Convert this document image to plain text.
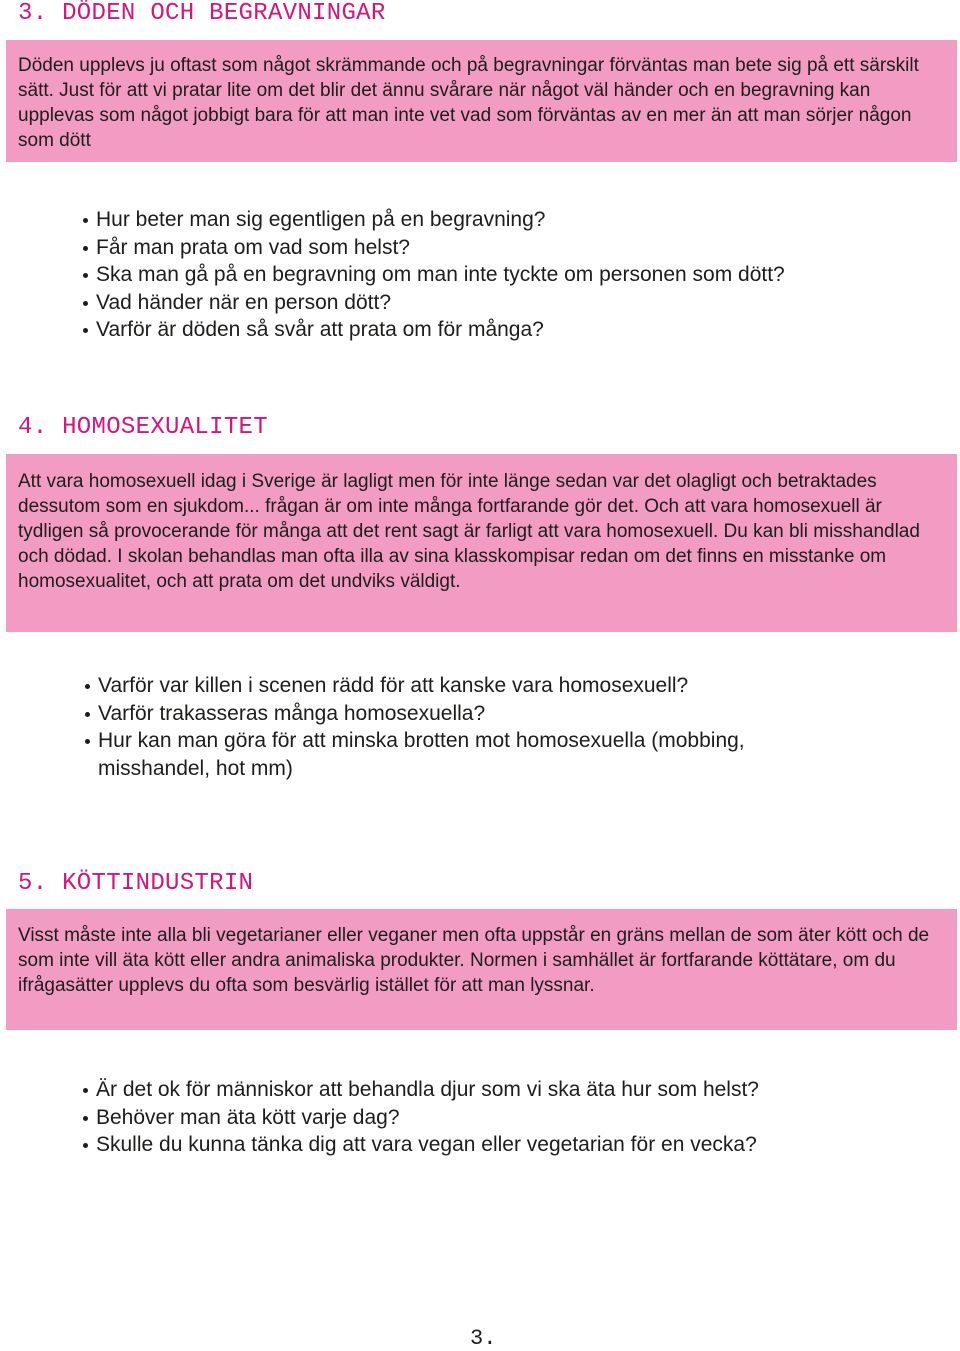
3. DÖDEN OCH BEGRAVNINGAR

Döden upplevs ju oftast som något skrämmande och på begravningar förväntas man bete sig på ett särskilt sätt. Just för att vi pratar lite om det blir det ännu svårare när något väl händer och en begravning kan upplevas som något jobbigt bara för att man inte vet vad som förväntas av en mer än att man sörjer någon som dött

Hur beter man sig egentligen på en begravning?
Får man prata om vad som helst?
Ska man gå på en begravning om man inte tyckte om personen som dött?
Vad händer när en person dött?
Varför är döden så svår att prata om för många?
4. HOMOSEXUALITET

Att vara homosexuell idag i Sverige är lagligt men för inte länge sedan var det olagligt och betraktades dessutom som en sjukdom... frågan är om inte många fortfarande gör det. Och att vara homosexuell är tydligen så provocerande för många att det rent sagt är farligt att vara homosexuell. Du kan bli misshandlad och dödad. I skolan behandlas man ofta illa av sina klasskompisar redan om det finns en misstanke om homosexualitet, och att prata om det undviks väldigt.

Varför var killen i scenen rädd för att kanske vara homosexuell?
Varför trakasseras många homosexuella?
Hur kan man göra för att minska brotten mot homosexuella (mobbing, misshandel, hot mm)
5. KÖTTINDUSTRIN

Visst måste inte alla bli vegetarianer eller veganer men ofta uppstår en gräns mellan de som äter kött och de som inte vill äta kött eller andra animaliska produkter. Normen i samhället är fortfarande köttätare, om du ifrågasätter upplevs du ofta som besvärlig istället för att man lyssnar.

Är det ok för människor att behandla djur som vi ska äta hur som helst?
Behöver man äta kött varje dag?
Skulle du kunna tänka dig att vara vegan eller vegetarian för en vecka?
3.
